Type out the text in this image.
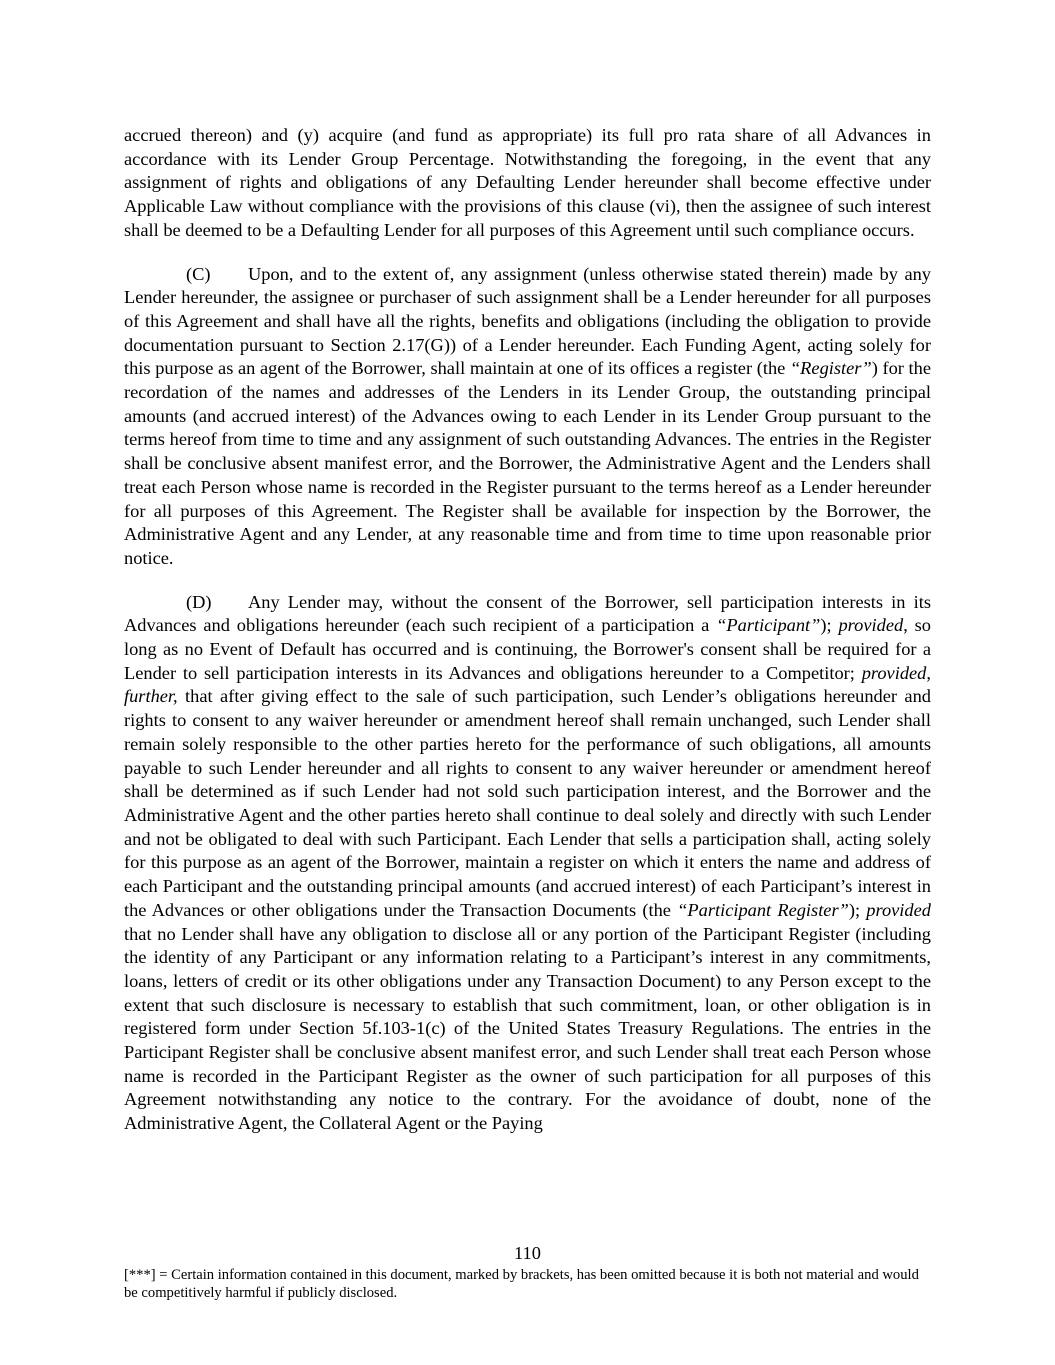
accrued thereon) and (y) acquire (and fund as appropriate) its full pro rata share of all Advances in accordance with its Lender Group Percentage. Notwithstanding the foregoing, in the event that any assignment of rights and obligations of any Defaulting Lender hereunder shall become effective under Applicable Law without compliance with the provisions of this clause (vi), then the assignee of such interest shall be deemed to be a Defaulting Lender for all purposes of this Agreement until such compliance occurs.

(C) Upon, and to the extent of, any assignment (unless otherwise stated therein) made by any Lender hereunder, the assignee or purchaser of such assignment shall be a Lender hereunder for all purposes of this Agreement and shall have all the rights, benefits and obligations (including the obligation to provide documentation pursuant to Section 2.17(G)) of a Lender hereunder. Each Funding Agent, acting solely for this purpose as an agent of the Borrower, shall maintain at one of its offices a register (the “Register”) for the recordation of the names and addresses of the Lenders in its Lender Group, the outstanding principal amounts (and accrued interest) of the Advances owing to each Lender in its Lender Group pursuant to the terms hereof from time to time and any assignment of such outstanding Advances. The entries in the Register shall be conclusive absent manifest error, and the Borrower, the Administrative Agent and the Lenders shall treat each Person whose name is recorded in the Register pursuant to the terms hereof as a Lender hereunder for all purposes of this Agreement. The Register shall be available for inspection by the Borrower, the Administrative Agent and any Lender, at any reasonable time and from time to time upon reasonable prior notice.

(D) Any Lender may, without the consent of the Borrower, sell participation interests in its Advances and obligations hereunder (each such recipient of a participation a “Participant”); provided, so long as no Event of Default has occurred and is continuing, the Borrower's consent shall be required for a Lender to sell participation interests in its Advances and obligations hereunder to a Competitor; provided, further, that after giving effect to the sale of such participation, such Lender’s obligations hereunder and rights to consent to any waiver hereunder or amendment hereof shall remain unchanged, such Lender shall remain solely responsible to the other parties hereto for the performance of such obligations, all amounts payable to such Lender hereunder and all rights to consent to any waiver hereunder or amendment hereof shall be determined as if such Lender had not sold such participation interest, and the Borrower and the Administrative Agent and the other parties hereto shall continue to deal solely and directly with such Lender and not be obligated to deal with such Participant. Each Lender that sells a participation shall, acting solely for this purpose as an agent of the Borrower, maintain a register on which it enters the name and address of each Participant and the outstanding principal amounts (and accrued interest) of each Participant’s interest in the Advances or other obligations under the Transaction Documents (the “Participant Register”); provided that no Lender shall have any obligation to disclose all or any portion of the Participant Register (including the identity of any Participant or any information relating to a Participant’s interest in any commitments, loans, letters of credit or its other obligations under any Transaction Document) to any Person except to the extent that such disclosure is necessary to establish that such commitment, loan, or other obligation is in registered form under Section 5f.103-1(c) of the United States Treasury Regulations. The entries in the Participant Register shall be conclusive absent manifest error, and such Lender shall treat each Person whose name is recorded in the Participant Register as the owner of such participation for all purposes of this Agreement notwithstanding any notice to the contrary. For the avoidance of doubt, none of the Administrative Agent, the Collateral Agent or the Paying

110
[***] = Certain information contained in this document, marked by brackets, has been omitted because it is both not material and would be competitively harmful if publicly disclosed.
